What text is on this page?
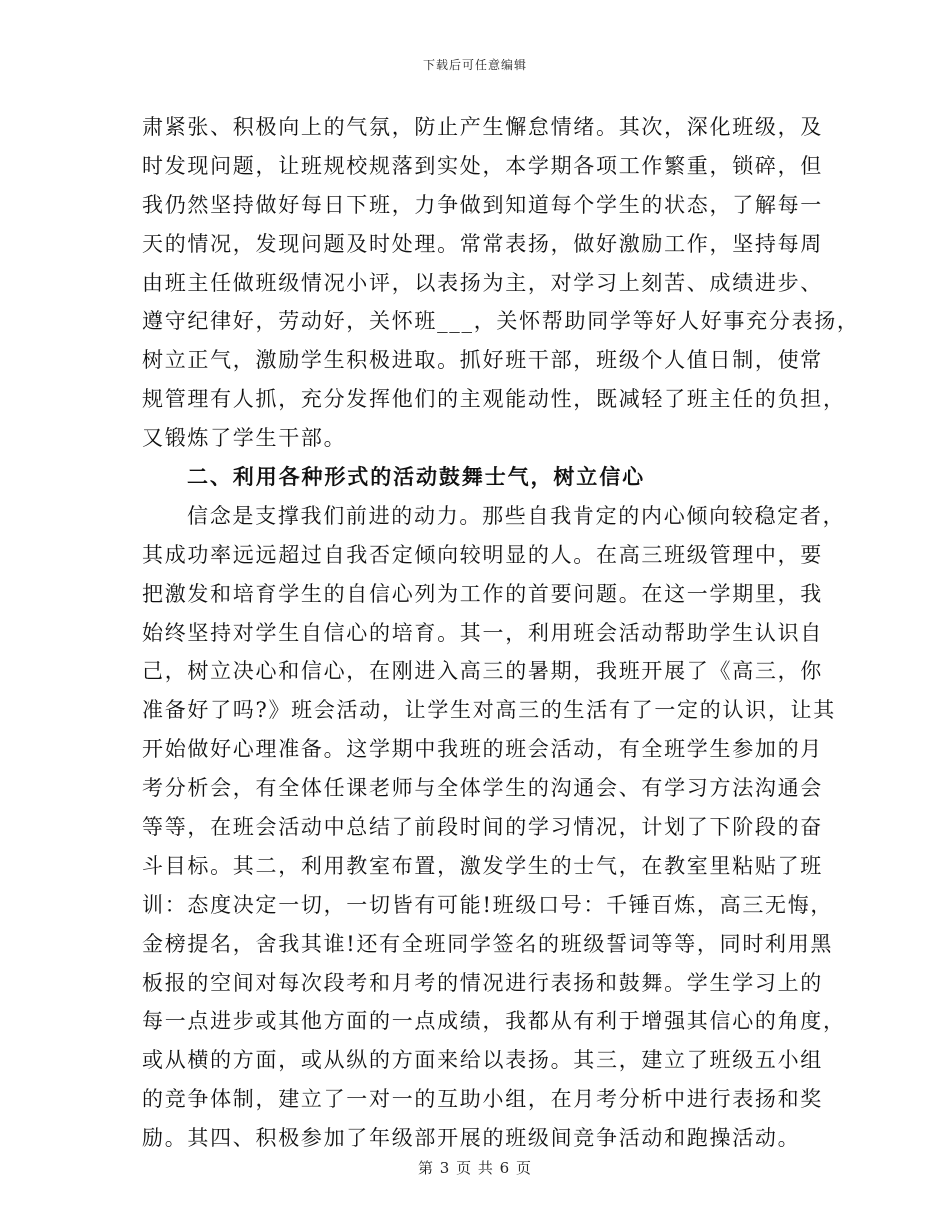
下载后可任意编辑
肃紧张、积极向上的气氛，防止产生懈怠情绪。其次，深化班级，及
时发现问题，让班规校规落到实处，本学期各项工作繁重，锁碎，但
我仍然坚持做好每日下班，力争做到知道每个学生的状态，了解每一
天的情况，发现问题及时处理。常常表扬，做好激励工作，坚持每周
由班主任做班级情况小评，以表扬为主，对学习上刻苦、成绩进步、
遵守纪律好，劳动好，关怀班___，关怀帮助同学等好人好事充分表扬，
树立正气，激励学生积极进取。抓好班干部，班级个人值日制，使常
规管理有人抓，充分发挥他们的主观能动性，既减轻了班主任的负担，
又锻炼了学生干部。
二、利用各种形式的活动鼓舞士气，树立信心
信念是支撑我们前进的动力。那些自我肯定的内心倾向较稳定者，
其成功率远远超过自我否定倾向较明显的人。在高三班级管理中，要
把激发和培育学生的自信心列为工作的首要问题。在这一学期里，我
始终坚持对学生自信心的培育。其一，利用班会活动帮助学生认识自
己，树立决心和信心，在刚进入高三的暑期，我班开展了《高三，你
准备好了吗?》班会活动，让学生对高三的生活有了一定的认识，让其
开始做好心理准备。这学期中我班的班会活动，有全班学生参加的月
考分析会，有全体任课老师与全体学生的沟通会、有学习方法沟通会
等等，在班会活动中总结了前段时间的学习情况，计划了下阶段的奋
斗目标。其二，利用教室布置，激发学生的士气，在教室里粘贴了班
训：态度决定一切，一切皆有可能!班级口号：千锤百炼，高三无悔，
金榜提名，舍我其谁!还有全班同学签名的班级誓词等等，同时利用黑
板报的空间对每次段考和月考的情况进行表扬和鼓舞。学生学习上的
每一点进步或其他方面的一点成绩，我都从有利于增强其信心的角度，
或从横的方面，或从纵的方面来给以表扬。其三，建立了班级五小组
的竞争体制，建立了一对一的互助小组，在月考分析中进行表扬和奖
励。其四、积极参加了年级部开展的班级间竞争活动和跑操活动。
第 3 页 共 6 页
